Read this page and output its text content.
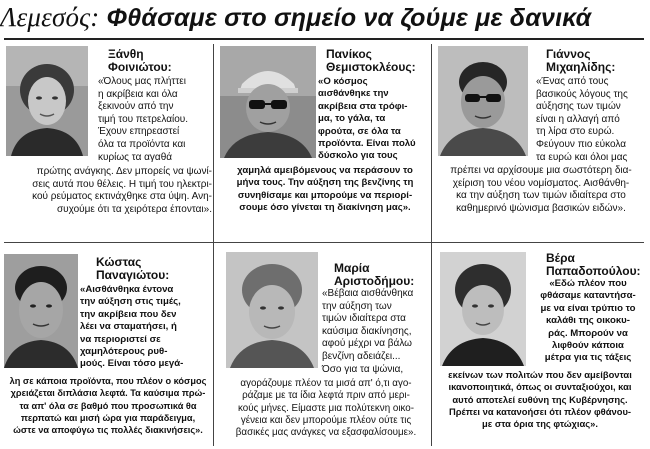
Λεμεσός: Φθάσαμε στο σημείο να ζούμε με δανικά
Ξάνθη
Φοινιώτου:
«Όλους μας πλήττει
η ακρίβεια και όλα
ξεκινούν από την
τιμή του πετρελαίου.
Έχουν επηρεαστεί
όλα τα προϊόντα και
κυρίως τα αγαθά
πρώτης ανάγκης. Δεν μπορείς να ψωνί-
σεις αυτά που θέλεις. Η τιμή του ηλεκτρι-
κού ρεύματος εκτινάχθηκε στα ύψη. Ανη-
συχούμε ότι τα χειρότερα έπονται».
Πανίκος
Θεμιστοκλέους:
«Ο κόσμος
αισθάνθηκε την
ακρίβεια στα τρόφι-
μα, το γάλα, τα
φρούτα, σε όλα τα
προϊόντα. Είναι πολύ
δύσκολο για τους
χαμηλά αμειβόμενους να περάσουν το
μήνα τους. Την αύξηση της βενζίνης τη
συνηθίσαμε και μπορούμε να περιορί-
σουμε όσο γίνεται τη διακίνηση μας».
Γιάννος
Μιχαηλίδης:
«Ένας από τους
βασικούς λόγους της
αύξησης των τιμών
είναι η αλλαγή από
τη λίρα στο ευρώ.
Φεύγουν πιο εύκολα
τα ευρώ και όλοι μας
πρέπει να αρχίσουμε μια σωστότερη δια-
χείριση του νέου νομίσματος. Αισθάνθη-
κα την αύξηση των τιμών ιδιαίτερα στο
καθημερινό ψώνισμα βασικών ειδών».
Κώστας
Παναγιώτου:
«Αισθάνθηκα έντονα
την αύξηση στις τιμές,
την ακρίβεια που δεν
λέει να σταματήσει, ή
να περιοριστεί σε
χαμηλότερους ρυθ-
μούς. Είναι τόσο μεγά-
λη σε κάποια προϊόντα, που πλέον ο κόσμος
χρειάζεται διπλάσια λεφτά. Τα καύσιμα πρώ-
τα απ' όλα σε βαθμό που προσωπικά θα
περπατώ και μισή ώρα για παράδειγμα,
ώστε να αποφύγω τις πολλές διακινήσεις».
Μαρία
Αριστοδήμου:
«Βέβαια αισθάνθηκα
την αύξηση των
τιμών ιδιαίτερα στα
καύσιμα διακίνησης,
αφού μέχρι να βάλω
βενζίνη αδειάζει...
Όσο για τα ψώνια,
αγοράζουμε πλέον τα μισά απ' ό,τι αγο-
ράζαμε με τα ίδια λεφτά πριν από μερι-
κούς μήνες. Είμαστε μια πολύτεκνη οικο-
γένεια και δεν μπορούμε πλέον ούτε τις
βασικές μας ανάγκες να εξασφαλίσουμε».
Βέρα
Παπαδοπούλου:
«Εδώ πλέον που
φθάσαμε καταντήσα-
με να είναι τρύπιο το
καλάθι της οικοκυ-
ράς. Μπορούν να
λιφθούν κάποια
μέτρα για τις τάξεις
εκείνων των πολιτών που δεν αμείβονται
ικανοποιητικά, όπως οι συνταξιούχοι, και
αυτό αποτελεί ευθύνη της Κυβέρνησης.
Πρέπει να κατανοήσει ότι πλέον φθάνου-
με στα όρια της φτώχιας».
